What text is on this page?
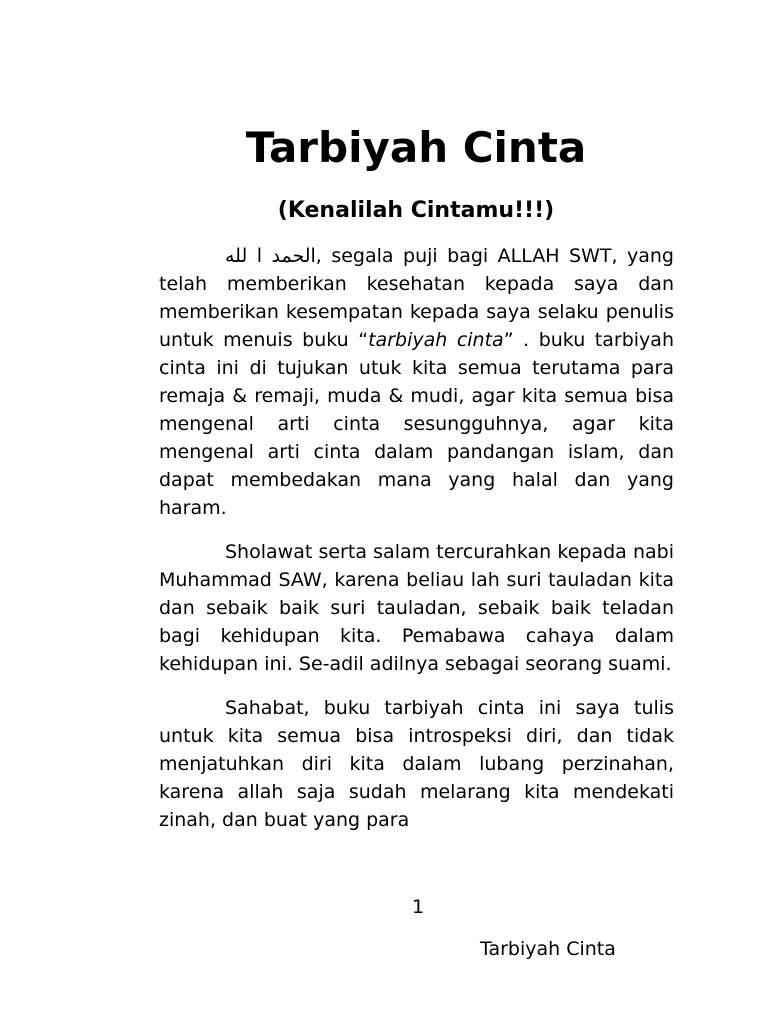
Tarbiyah Cinta
(Kenalilah Cintamu!!!)

الحمد ا لله, segala puji bagi ALLAH SWT, yang telah memberikan kesehatan kepada saya dan memberikan kesempatan kepada saya selaku penulis untuk menuis buku “tarbiyah cinta” . buku tarbiyah cinta ini di tujukan utuk kita semua terutama para remaja & remaji, muda & mudi, agar kita semua bisa mengenal arti cinta sesungguhnya, agar kita mengenal arti cinta dalam pandangan islam, dan dapat membedakan mana yang halal dan yang haram.

Sholawat serta salam tercurahkan kepada nabi Muhammad SAW, karena beliau lah suri tauladan kita dan sebaik baik suri tauladan, sebaik baik teladan bagi kehidupan kita. Pemabawa cahaya dalam kehidupan ini. Se-adil adilnya sebagai seorang suami.

Sahabat, buku tarbiyah cinta ini saya tulis untuk kita semua bisa introspeksi diri, dan tidak menjatuhkan diri kita dalam lubang perzinahan, karena allah saja sudah melarang kita mendekati zinah, dan buat yang para

1
Tarbiyah Cinta
